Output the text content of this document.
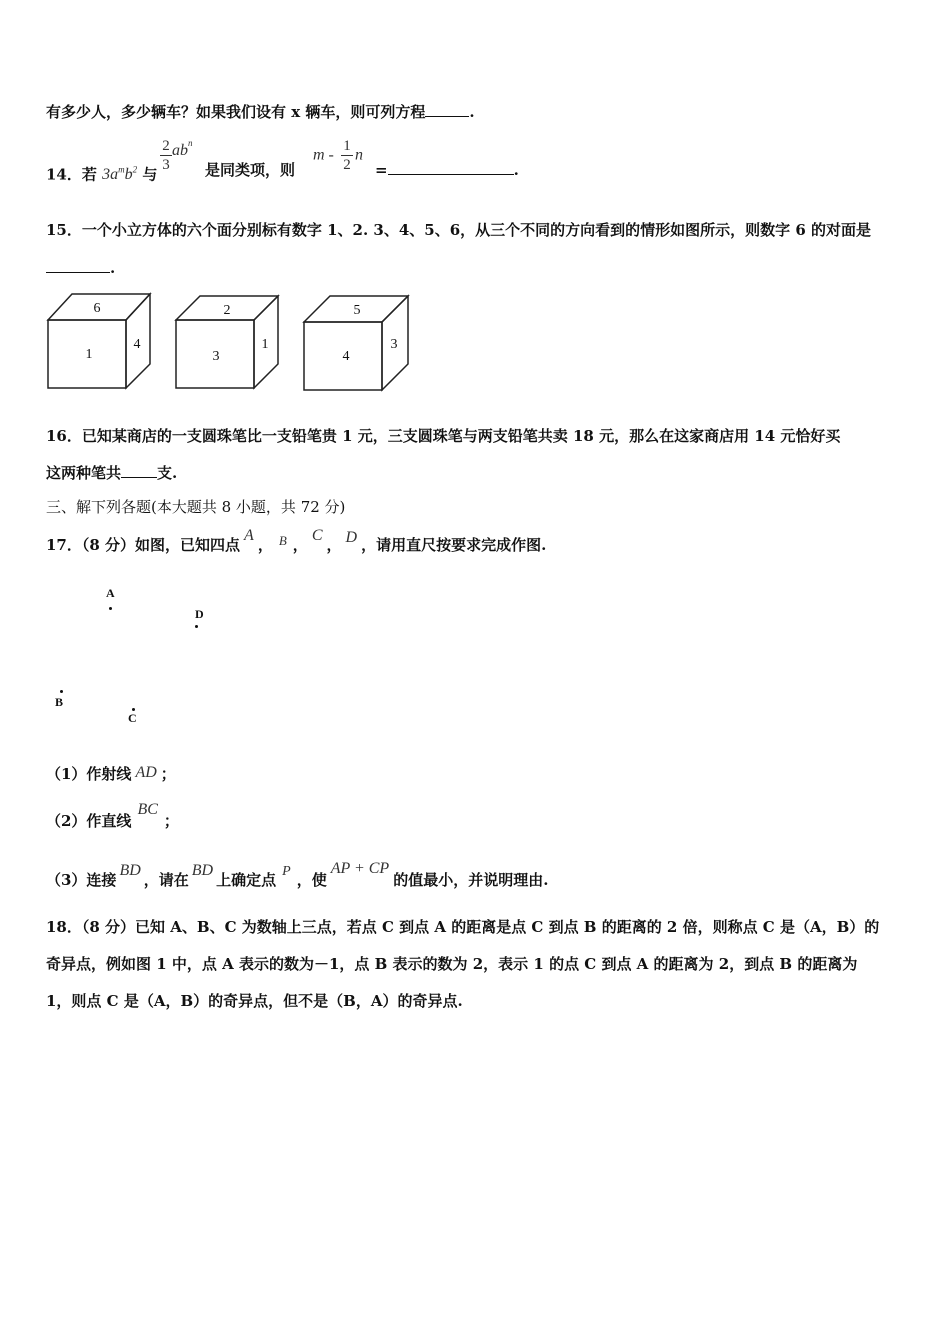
有多少人，多少辆车？如果我们设有 x 辆车，则可列方程	.
14．若 $3a^mb^2$ 与
$\frac{2}{3} ab^n$
是同类项，则
m - $\frac{1}{2}$ n
=	.
15．一个小立方体的六个面分别标有数字 1、2. 3、4、5、6，从三个不同的方向看到的情形如图所示，则数字 6 的对面是
.
6
1
4
2
3
1
5
4
3
16．已知某商店的一支圆珠笔比一支铅笔贵 1 元，三支圆珠笔与两支铅笔共卖 18 元，那么在这家商店用 14 元恰好买
这两种笔共 支.
三、解下列各题(本大题共 8 小题，共 72 分)
17．（8 分）如图，已知四点A， B ，C， D ，请用直尺按要求完成作图.
A
D
B
C
（1）作射线 AD ；
（2）作直线BC；
（3）连接BD，请在BD上确定点 P ，使AP + CP的值最小，并说明理由.
18．（8 分）已知 A、B、C 为数轴上三点，若点 C 到点 A 的距离是点 C 到点 B 的距离的 2 倍，则称点 C 是（A，B）的
奇异点，例如图 1 中，点 A 表示的数为－1，点 B 表示的数为 2，表示 1 的点 C 到点 A 的距离为 2，到点 B 的距离为
1，则点 C 是（A，B）的奇异点，但不是（B，A）的奇异点.
